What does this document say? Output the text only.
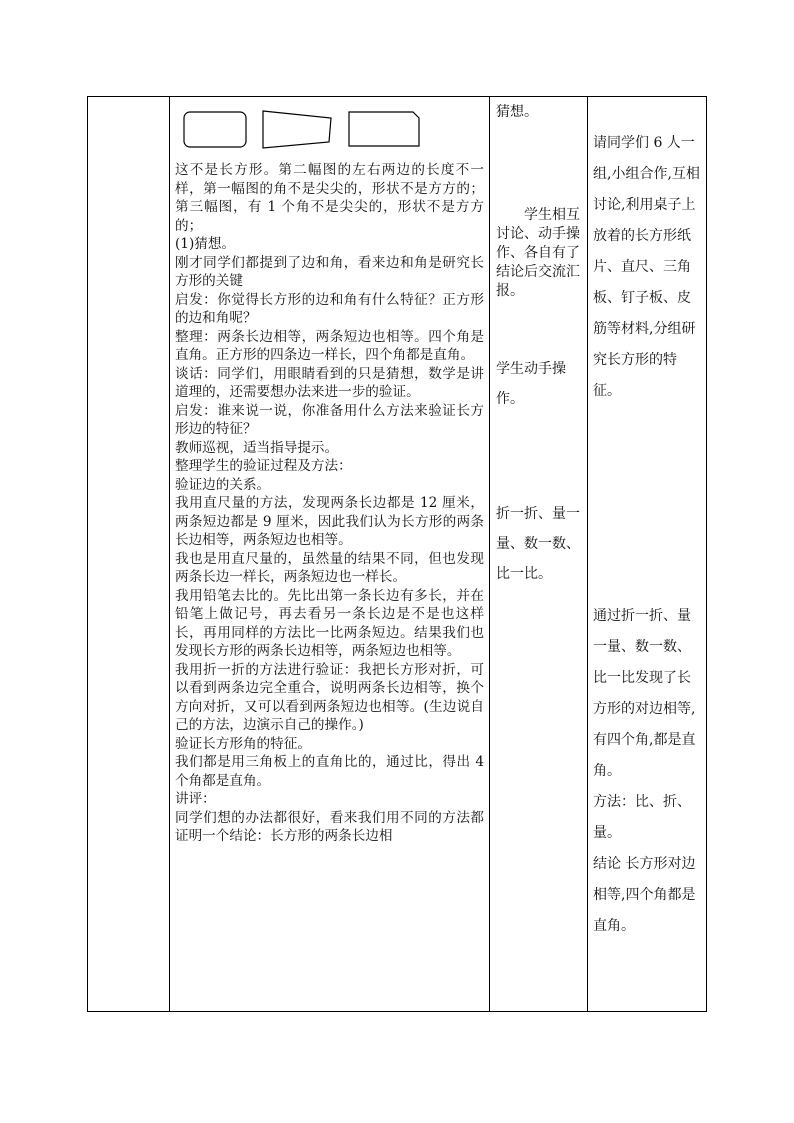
这不是长方形。第二幅图的左右两边的长度不一样，第一幅图的角不是尖尖的，形状不是方方的；第三幅图，有 1 个角不是尖尖的，形状不是方方的；

(1)猜想。

刚才同学们都提到了边和角，看来边和角是研究长方形的关键

启发：你觉得长方形的边和角有什么特征？正方形的边和角呢？

整理：两条长边相等，两条短边也相等。四个角是直角。正方形的四条边一样长，四个角都是直角。

谈话：同学们，用眼睛看到的只是猜想，数学是讲道理的，还需要想办法来进一步的验证。

启发：谁来说一说，你准备用什么方法来验证长方形边的特征？

教师巡视，适当指导提示。

整理学生的验证过程及方法：

验证边的关系。

我用直尺量的方法，发现两条长边都是 12 厘米，两条短边都是 9 厘米，因此我们认为长方形的两条长边相等，两条短边也相等。

我也是用直尺量的，虽然量的结果不同，但也发现两条长边一样长，两条短边也一样长。

我用铅笔去比的。先比出第一条长边有多长，并在铅笔上做记号，再去看另一条长边是不是也这样长，再用同样的方法比一比两条短边。结果我们也发现长方形的两条长边相等，两条短边也相等。

我用折一折的方法进行验证：我把长方形对折，可以看到两条边完全重合，说明两条长边相等，换个方向对折，又可以看到两条短边也相等。(生边说自己的方法，边演示自己的操作。)

验证长方形角的特征。

我们都是用三角板上的直角比的，通过比，得出 4 个角都是直角。

讲评：

同学们想的办法都很好，看来我们用不同的方法都证明一个结论：长方形的两条长边相

猜想。
学生相互讨论、动手操作、各自有了结论后交流汇报。
学生动手操作。
折一折、量一量、数一数、比一比。
请同学们 6 人一组,小组合作,互相讨论,利用桌子上放着的长方形纸片、直尺、三角板、钉子板、皮筋等材料,分组研究长方形的特征。
通过折一折、量一量、数一数、比一比发现了长方形的对边相等,有四个角,都是直角。
方法：比、折、量。
结论 长方形对边相等,四个角都是直角。
